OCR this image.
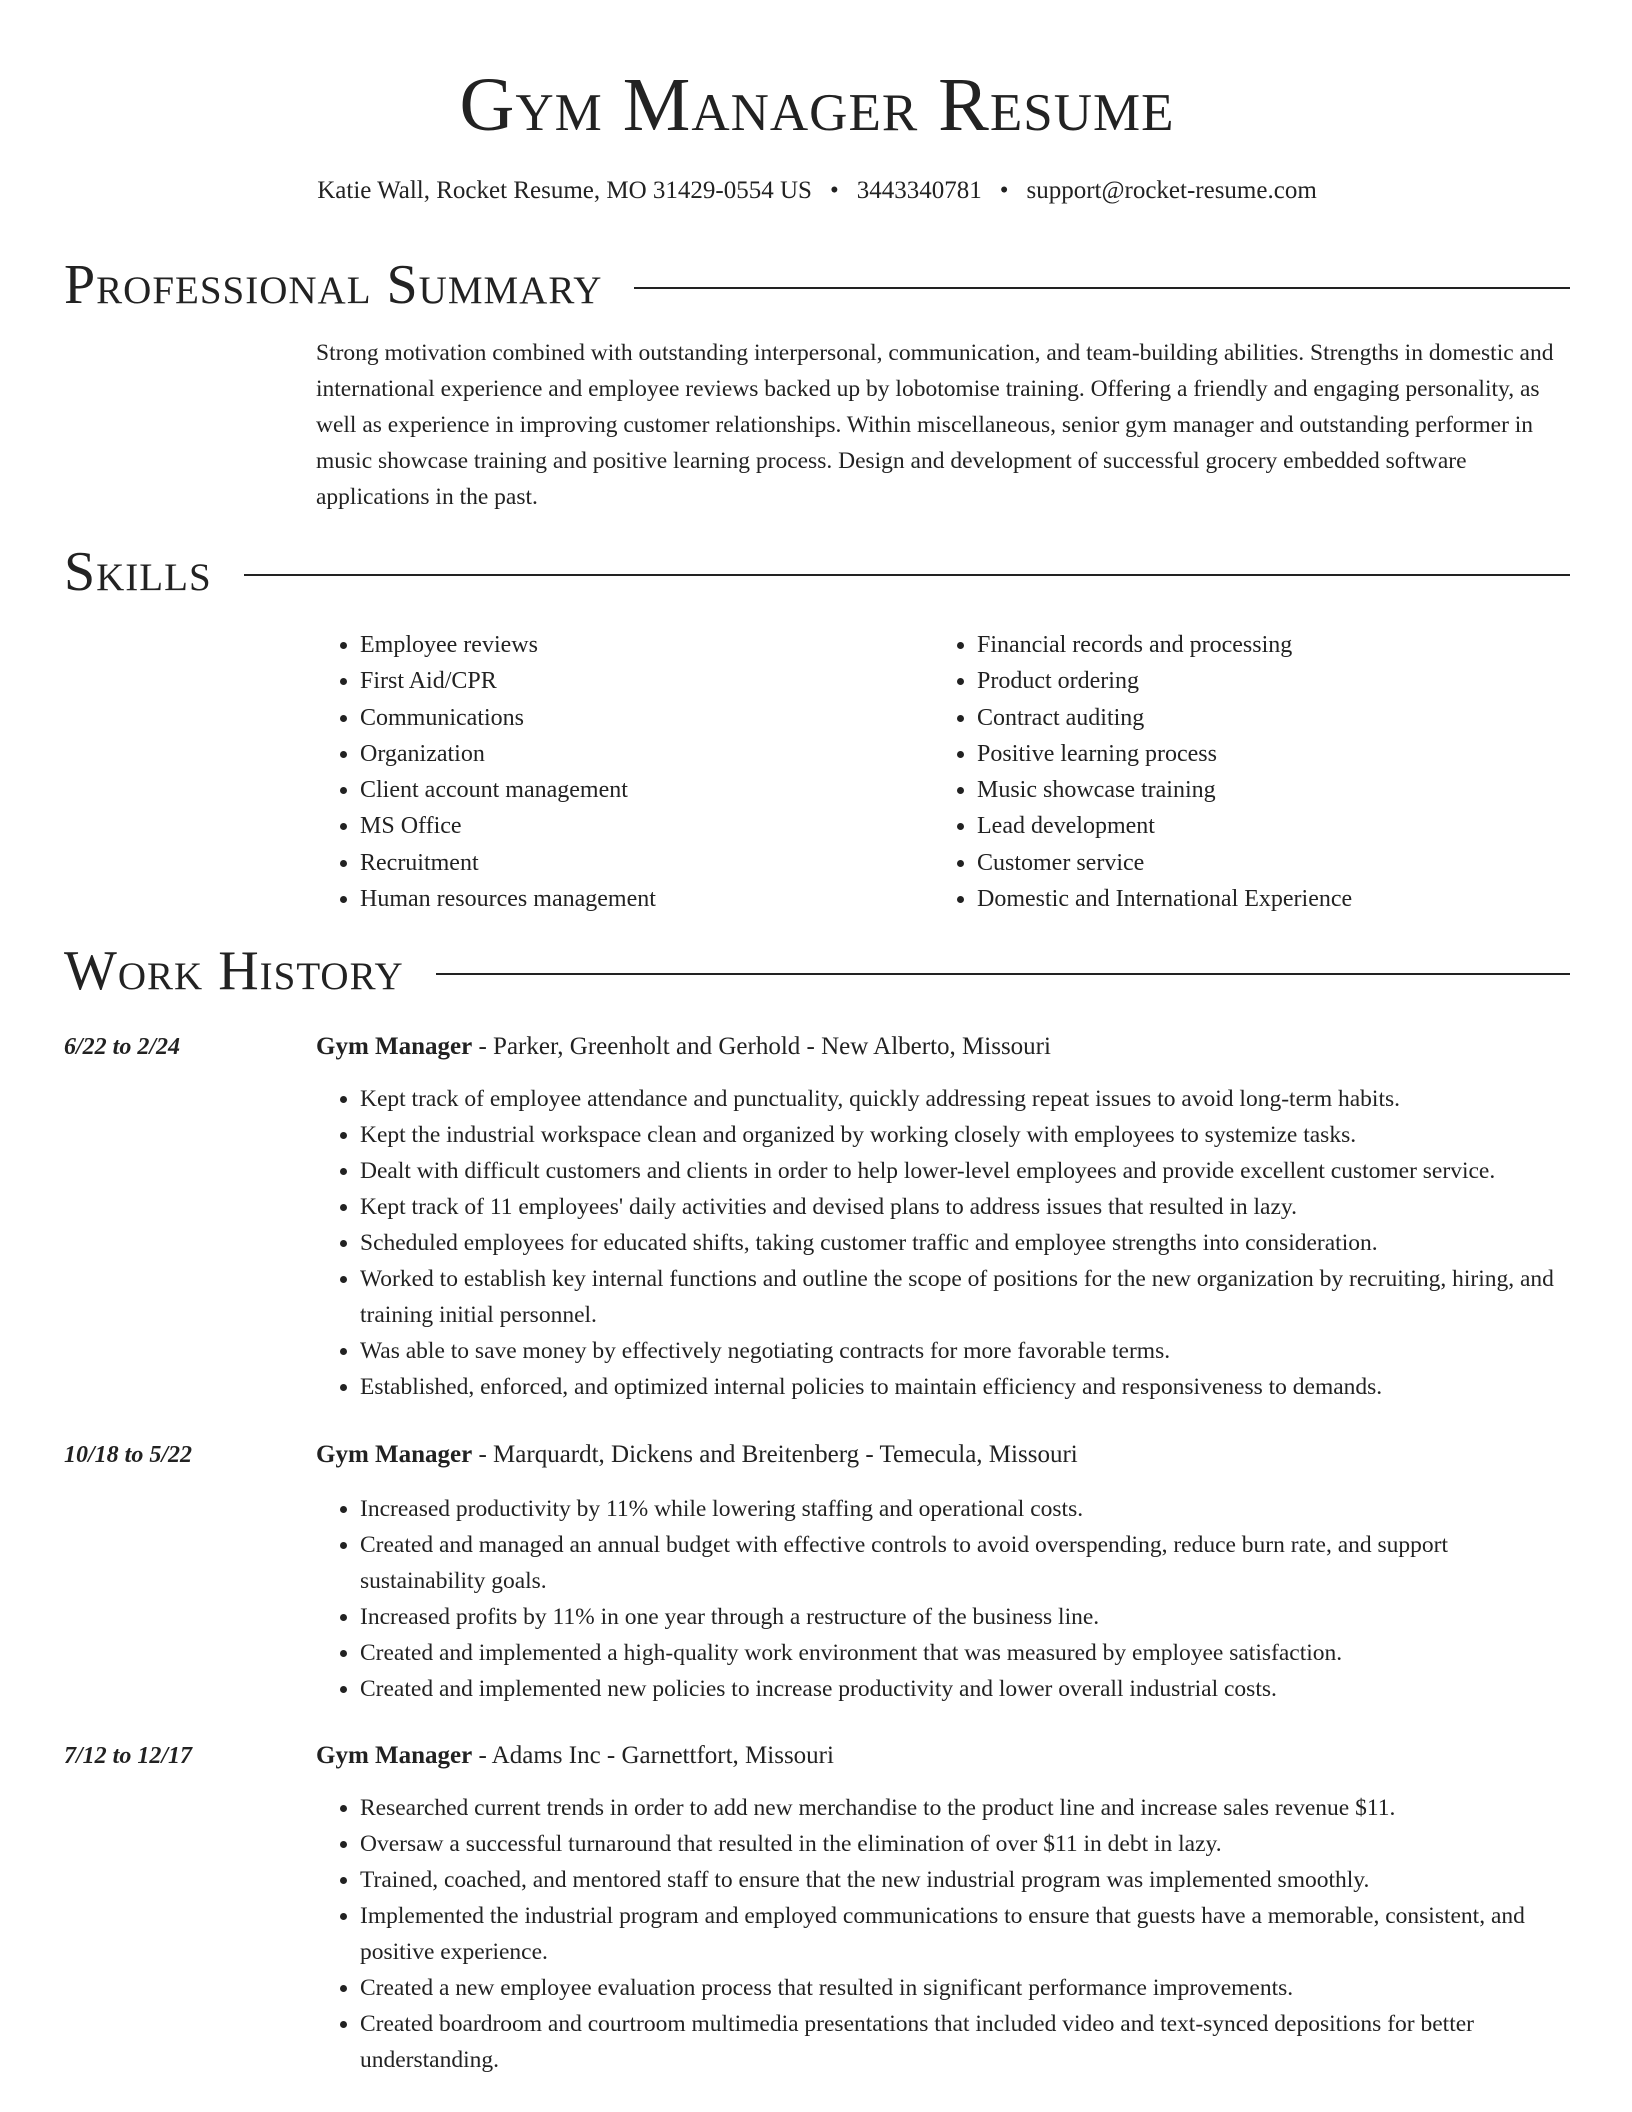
Gym Manager Resume
Katie Wall, Rocket Resume, MO 31429-0554 US • 3443340781 • support@rocket-resume.com
Professional Summary

Strong motivation combined with outstanding interpersonal, communication, and team-building abilities. Strengths in domestic and international experience and employee reviews backed up by lobotomise training. Offering a friendly and engaging personality, as well as experience in improving customer relationships. Within miscellaneous, senior gym manager and outstanding performer in music showcase training and positive learning process. Design and development of successful grocery embedded software applications in the past.

Skills
• Employee reviews
• First Aid/CPR
• Communications
• Organization
• Client account management
• MS Office
• Recruitment
• Human resources management
• Financial records and processing
• Product ordering
• Contract auditing
• Positive learning process
• Music showcase training
• Lead development
• Customer service
• Domestic and International Experience
Work History
6/22 to 2/24	Gym Manager - Parker, Greenholt and Gerhold - New Alberto, Missouri
• Kept track of employee attendance and punctuality, quickly addressing repeat issues to avoid long-term habits.
• Kept the industrial workspace clean and organized by working closely with employees to systemize tasks.
• Dealt with difficult customers and clients in order to help lower-level employees and provide excellent customer service.
• Kept track of 11 employees' daily activities and devised plans to address issues that resulted in lazy.
• Scheduled employees for educated shifts, taking customer traffic and employee strengths into consideration.
• Worked to establish key internal functions and outline the scope of positions for the new organization by recruiting, hiring, and training initial personnel.
• Was able to save money by effectively negotiating contracts for more favorable terms.
• Established, enforced, and optimized internal policies to maintain efficiency and responsiveness to demands.
10/18 to 5/22	Gym Manager - Marquardt, Dickens and Breitenberg - Temecula, Missouri
• Increased productivity by 11% while lowering staffing and operational costs.
• Created and managed an annual budget with effective controls to avoid overspending, reduce burn rate, and support sustainability goals.
• Increased profits by 11% in one year through a restructure of the business line.
• Created and implemented a high-quality work environment that was measured by employee satisfaction.
• Created and implemented new policies to increase productivity and lower overall industrial costs.
7/12 to 12/17	Gym Manager - Adams Inc - Garnettfort, Missouri
• Researched current trends in order to add new merchandise to the product line and increase sales revenue $11.
• Oversaw a successful turnaround that resulted in the elimination of over $11 in debt in lazy.
• Trained, coached, and mentored staff to ensure that the new industrial program was implemented smoothly.
• Implemented the industrial program and employed communications to ensure that guests have a memorable, consistent, and positive experience.
• Created a new employee evaluation process that resulted in significant performance improvements.
• Created boardroom and courtroom multimedia presentations that included video and text-synced depositions for better understanding.
